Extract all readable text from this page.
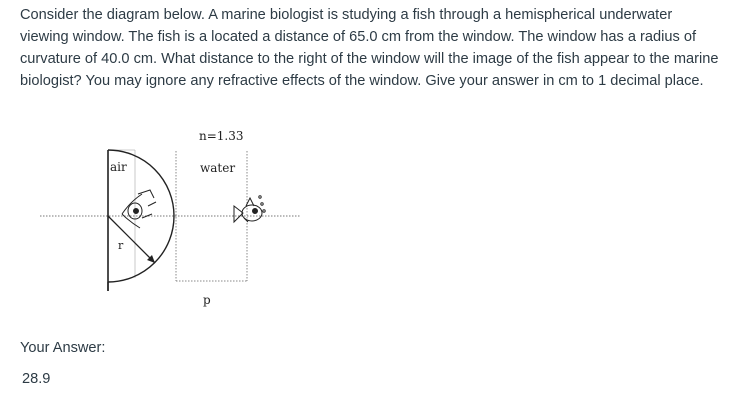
Consider the diagram below. A marine biologist is studying a fish through a hemispherical underwater viewing window. The fish is a located a distance of 65.0 cm from the window. The window has a radius of curvature of 40.0 cm. What distance to the right of the window will the image of the fish appear to the marine biologist? You may ignore any refractive effects of the window. Give your answer in cm to 1 decimal place.

n=1.33
air	water
r
p
Your Answer:
28.9
